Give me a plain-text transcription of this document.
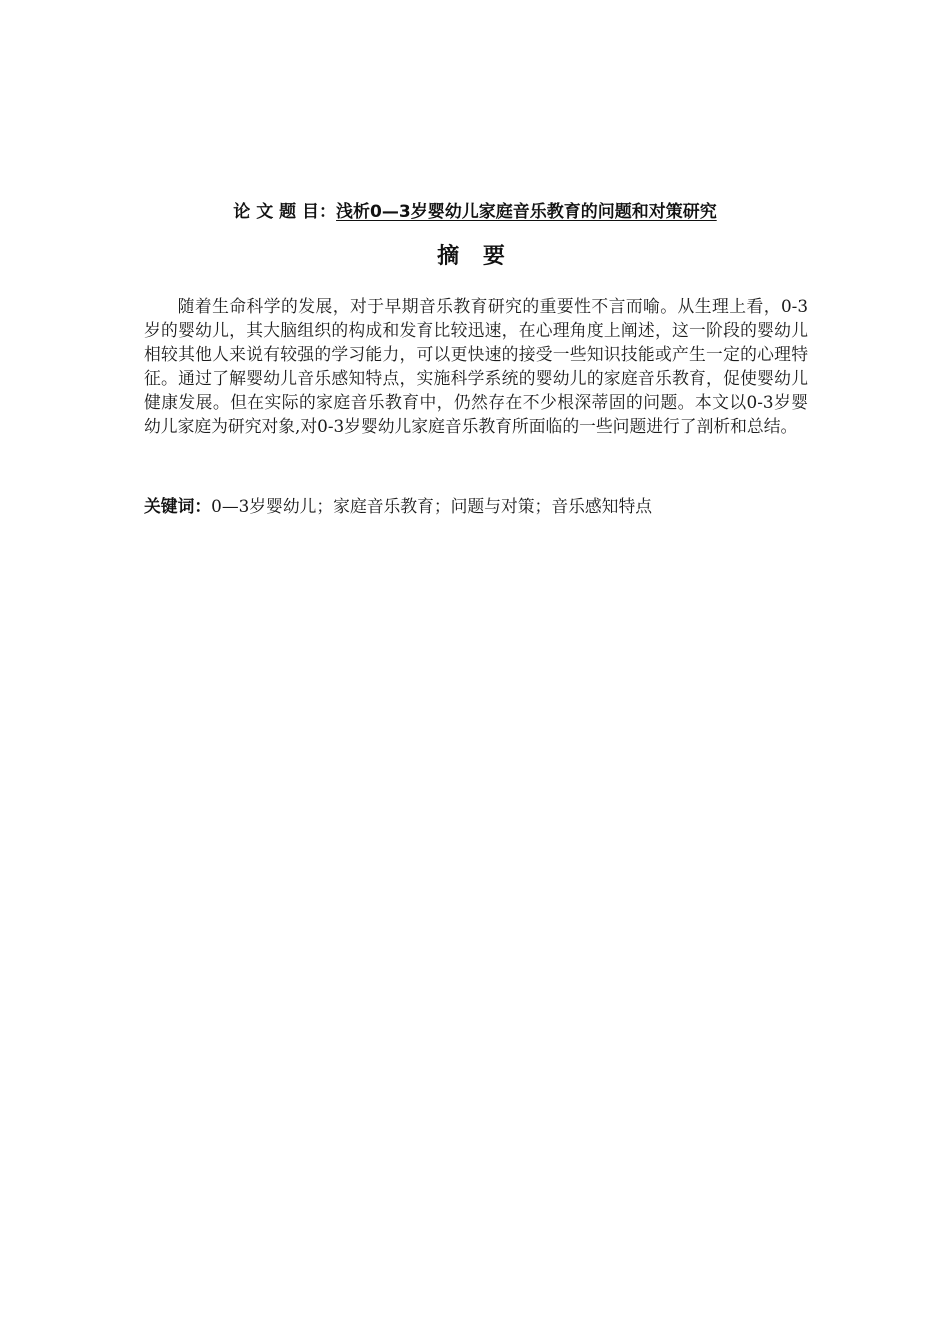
论 文 题 目：浅析0—3岁婴幼儿家庭音乐教育的问题和对策研究
摘 要

随着生命科学的发展，对于早期音乐教育研究的重要性不言而喻。从生理上看，0-3岁的婴幼儿，其大脑组织的构成和发育比较迅速，在心理角度上阐述，这一阶段的婴幼儿相较其他人来说有较强的学习能力，可以更快速的接受一些知识技能或产生一定的心理特征。通过了解婴幼儿音乐感知特点，实施科学系统的婴幼儿的家庭音乐教育，促使婴幼儿健康发展。但在实际的家庭音乐教育中，仍然存在不少根深蒂固的问题。本文以0-3岁婴幼儿家庭为研究对象,对0-3岁婴幼儿家庭音乐教育所面临的一些问题进行了剖析和总结。

关键词：0—3岁婴幼儿；家庭音乐教育；问题与对策；音乐感知特点
